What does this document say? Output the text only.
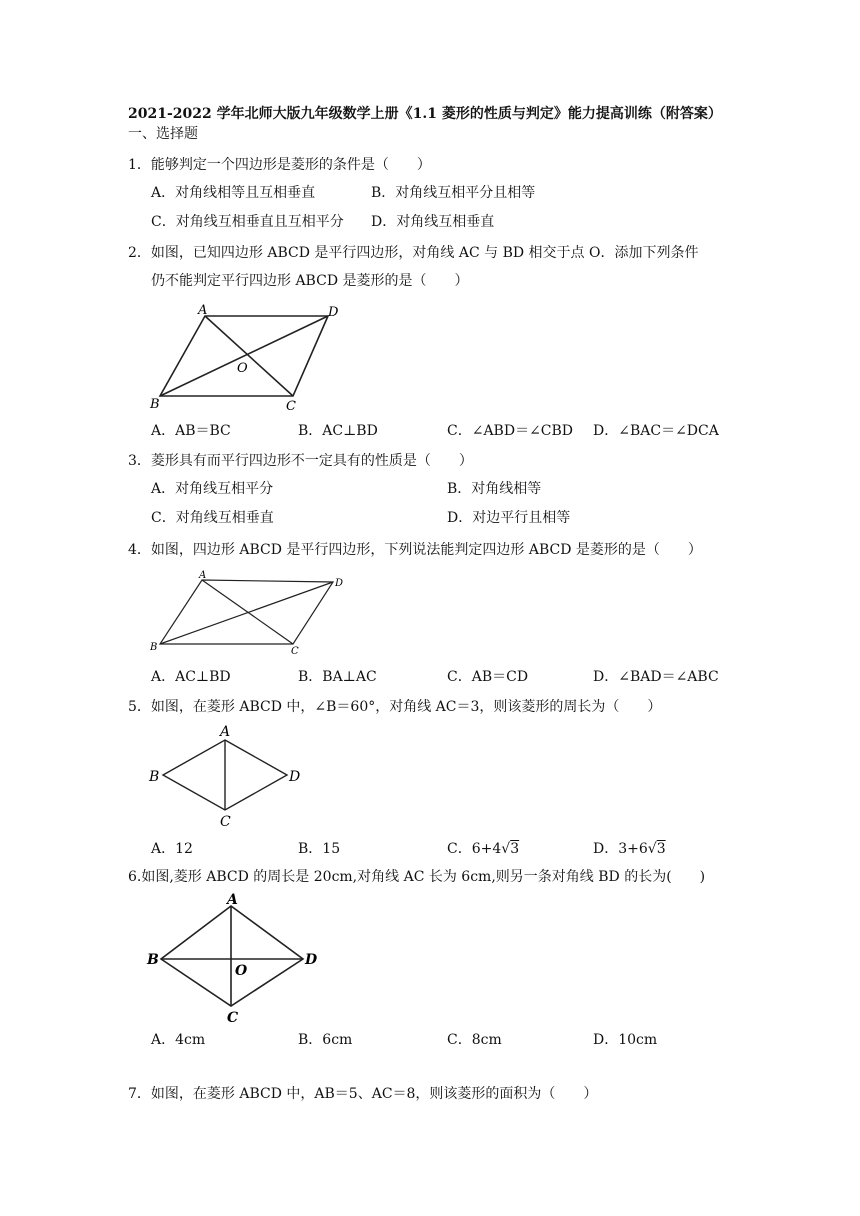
2021-2022 学年北师大版九年级数学上册《1.1 菱形的性质与判定》能力提高训练（附答案）
一、选择题
1．能够判定一个四边形是菱形的条件是（　　）
A．对角线相等且互相垂直	B．对角线互相平分且相等
C．对角线互相垂直且互相平分 D．对角线互相垂直
2．如图，已知四边形 ABCD 是平行四边形，对角线 AC 与 BD 相交于点 O．添加下列条件
仍不能判定平行四边形 ABCD 是菱形的是（　　）
A	D
B	C
O
A．AB＝BC	B．AC⊥BD	C．∠ABD＝∠CBD D．∠BAC＝∠DCA
3．菱形具有而平行四边形不一定具有的性质是（　　）
A．对角线互相平分	B．对角线相等
C．对角线互相垂直	D．对边平行且相等
4．如图，四边形 ABCD 是平行四边形，下列说法能判定四边形 ABCD 是菱形的是（　　）
A
D
B	C
A．AC⊥BD	B．BA⊥AC	C．AB＝CD	D．∠BAD＝∠ABC
5．如图，在菱形 ABCD 中，∠B＝60°，对角线 AC＝3，则该菱形的周长为（　　）
A
B	D
C
A．12	B．15	C．6+4√3	D．3+6√3
6.如图,菱形 ABCD 的周长是 20cm,对角线 AC 长为 6cm,则另一条对角线 BD 的长为(　　)
A
B	D
C
O
A．4cm	B．6cm	C．8cm	D．10cm
7．如图，在菱形 ABCD 中，AB＝5、AC＝8，则该菱形的面积为（　　）
